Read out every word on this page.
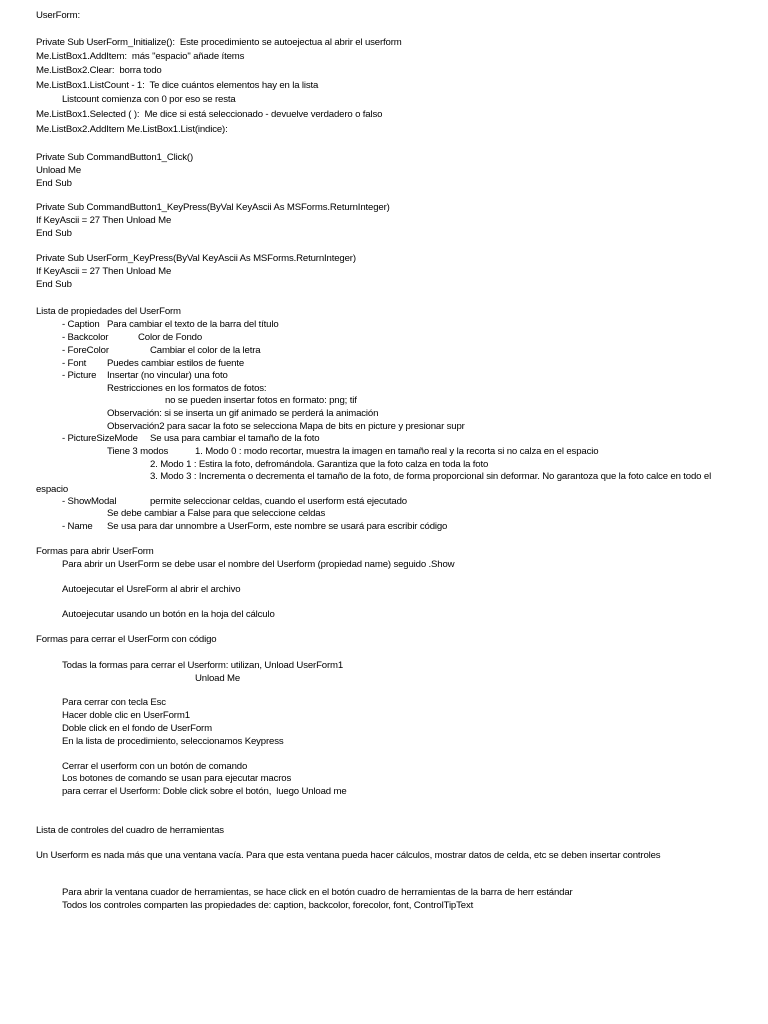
UserForm:
Private Sub UserForm_Initialize():  Este procedimiento se autoejectua al abrir el userform
Me.ListBox1.AddItem:  más "espacio" añade ítems
Me.ListBox2.Clear:  borra todo
Me.ListBox1.ListCount - 1:  Te dice cuántos elementos hay en la lista
Listcount comienza con 0 por eso se resta
Me.ListBox1.Selected ( ):  Me dice si está seleccionado - devuelve verdadero o falso
Me.ListBox2.AddItem Me.ListBox1.List(indice):
Private Sub CommandButton1_Click()
Unload Me
End Sub
Private Sub CommandButton1_KeyPress(ByVal KeyAscii As MSForms.ReturnInteger)
If KeyAscii = 27 Then Unload Me
End Sub
Private Sub UserForm_KeyPress(ByVal KeyAscii As MSForms.ReturnInteger)
If KeyAscii = 27 Then Unload Me
End Sub
Lista de propiedades del UserForm
- Caption Para cambiar el texto de la barra del título
- Backcolor	Color de Fondo
- ForeColor	Cambiar el color de la letra
- Font Puedes cambiar estilos de fuente
- Picture Insertar (no vincular) una foto
Restricciones en los formatos de fotos:
no se pueden insertar fotos en formato: png; tif
Observación: si se inserta un gif animado se perderá la animación
Observación2 para sacar la foto se selecciona Mapa de bits en picture y presionar supr
- PictureSizeMode Se usa para cambiar el tamaño de la foto
Tiene 3 modos	1. Modo 0 : modo recortar, muestra la imagen en tamaño real y la recorta si no calza en el espacio
2. Modo 1 : Estira la foto, defromándola. Garantiza que la foto calza en toda la foto
3. Modo 3 : Incrementa o decrementa el tamaño de la foto, de forma proporcional sin deformar. No garantoza que la foto calce en todo el
espacio
- ShowModal	permite seleccionar celdas, cuando el userform está ejecutado
Se debe cambiar a False para que seleccione celdas
- Name Se usa para dar unnombre a UserForm, este nombre se usará para escribir código
Formas para abrir UserForm
Para abrir un UserForm se debe usar el nombre del Userform (propiedad name) seguido .Show
Autoejecutar el UsreForm al abrir el archivo
Autoejecutar usando un botón en la hoja del cálculo
Formas para cerrar el UserForm con código
Todas la formas para cerrar el Userform: utilizan, Unload UserForm1
Unload Me
Para cerrar con tecla Esc
Hacer doble clic en UserForm1
Doble click en el fondo de UserForm
En la lista de procedimiento, seleccionamos Keypress
Cerrar el userform con un botón de comando
Los botones de comando se usan para ejecutar macros
para cerrar el Userform: Doble click sobre el botón,  luego Unload me
Lista de controles del cuadro de herramientas
Un Userform es nada más que una ventana vacía. Para que esta ventana pueda hacer cálculos, mostrar datos de celda, etc se deben insertar controles
Para abrir la ventana cuador de herramientas, se hace click en el botón cuadro de herramientas de la barra de herr estándar
Todos los controles comparten las propiedades de: caption, backcolor, forecolor, font, ControlTipText
